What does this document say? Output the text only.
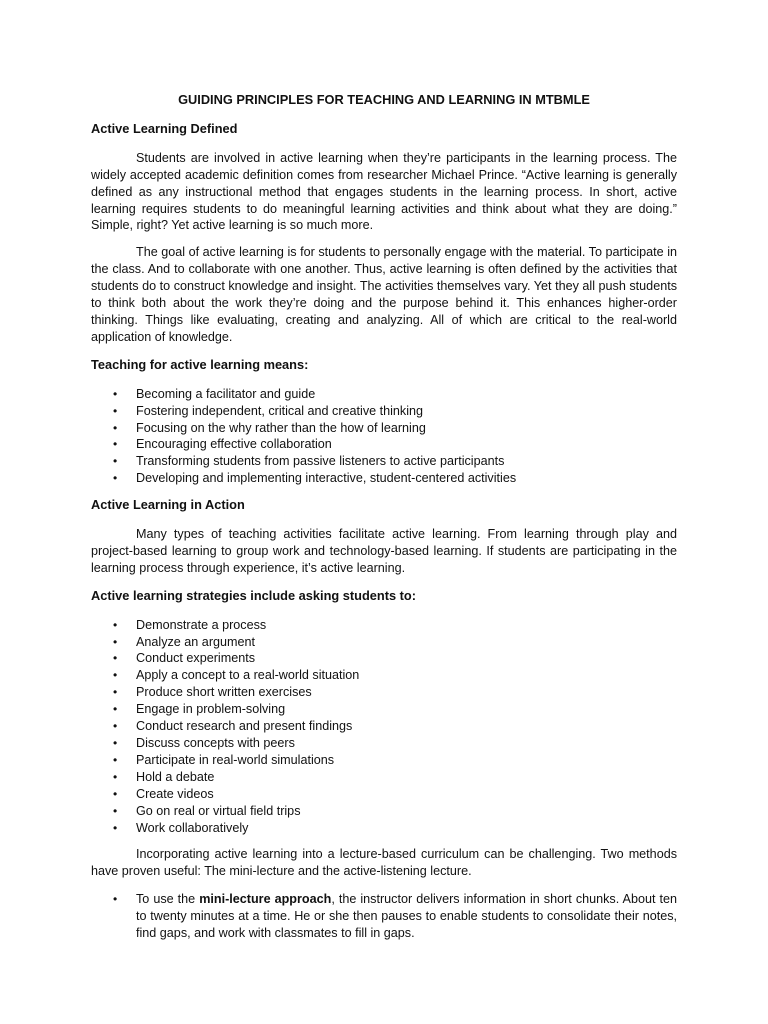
GUIDING PRINCIPLES FOR TEACHING AND LEARNING IN MTBMLE
Active Learning Defined

Students are involved in active learning when they’re participants in the learning process. The widely accepted academic definition comes from researcher Michael Prince. “Active learning is generally defined as any instructional method that engages students in the learning process. In short, active learning requires students to do meaningful learning activities and think about what they are doing.” Simple, right? Yet active learning is so much more.

The goal of active learning is for students to personally engage with the material. To participate in the class. And to collaborate with one another. Thus, active learning is often defined by the activities that students do to construct knowledge and insight. The activities themselves vary. Yet they all push students to think both about the work they’re doing and the purpose behind it. This enhances higher-order thinking. Things like evaluating, creating and analyzing. All of which are critical to the real-world application of knowledge.

Teaching for active learning means:
• Becoming a facilitator and guide
• Fostering independent, critical and creative thinking
• Focusing on the why rather than the how of learning
• Encouraging effective collaboration
• Transforming students from passive listeners to active participants
• Developing and implementing interactive, student-centered activities
Active Learning in Action

Many types of teaching activities facilitate active learning. From learning through play and project-based learning to group work and technology-based learning. If students are participating in the learning process through experience, it’s active learning.

Active learning strategies include asking students to:
• Demonstrate a process
• Analyze an argument
• Conduct experiments
• Apply a concept to a real-world situation
• Produce short written exercises
• Engage in problem-solving
• Conduct research and present findings
• Discuss concepts with peers
• Participate in real-world simulations
• Hold a debate
• Create videos
• Go on real or virtual field trips
• Work collaboratively

Incorporating active learning into a lecture-based curriculum can be challenging. Two methods have proven useful: The mini-lecture and the active-listening lecture.

• To use the mini-lecture approach, the instructor delivers information in short chunks. About ten to twenty minutes at a time. He or she then pauses to enable students to consolidate their notes, find gaps, and work with classmates to fill in gaps.
